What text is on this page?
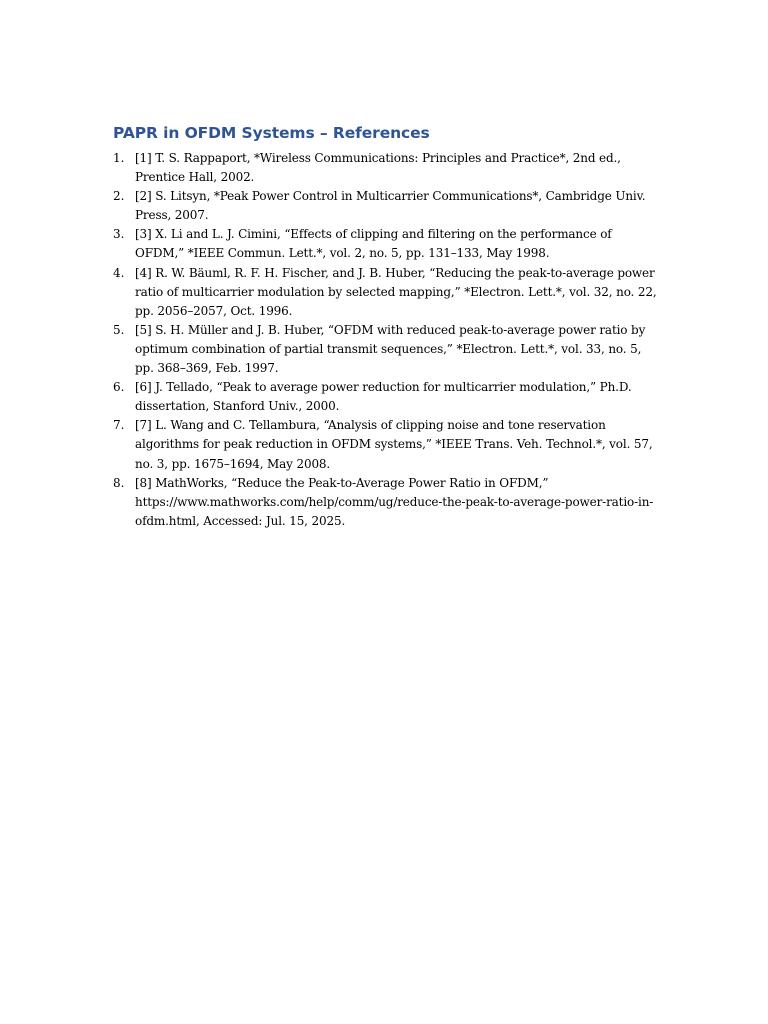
PAPR in OFDM Systems – References
1. [1] T. S. Rappaport, *Wireless Communications: Principles and Practice*, 2nd ed., Prentice Hall, 2002.
2. [2] S. Litsyn, *Peak Power Control in Multicarrier Communications*, Cambridge Univ. Press, 2007.
3. [3] X. Li and L. J. Cimini, “Effects of clipping and filtering on the performance of OFDM,” *IEEE Commun. Lett.*, vol. 2, no. 5, pp. 131–133, May 1998.
4. [4] R. W. Bäuml, R. F. H. Fischer, and J. B. Huber, “Reducing the peak-to-average power ratio of multicarrier modulation by selected mapping,” *Electron. Lett.*, vol. 32, no. 22, pp. 2056–2057, Oct. 1996.
5. [5] S. H. Müller and J. B. Huber, “OFDM with reduced peak-to-average power ratio by optimum combination of partial transmit sequences,” *Electron. Lett.*, vol. 33, no. 5, pp. 368–369, Feb. 1997.
6. [6] J. Tellado, “Peak to average power reduction for multicarrier modulation,” Ph.D. dissertation, Stanford Univ., 2000.
7. [7] L. Wang and C. Tellambura, “Analysis of clipping noise and tone reservation algorithms for peak reduction in OFDM systems,” *IEEE Trans. Veh. Technol.*, vol. 57, no. 3, pp. 1675–1694, May 2008.
8. [8] MathWorks, “Reduce the Peak-to-Average Power Ratio in OFDM,” https://www.mathworks.com/help/comm/ug/reduce-the-peak-to-average-power-ratio-in-ofdm.html, Accessed: Jul. 15, 2025.
